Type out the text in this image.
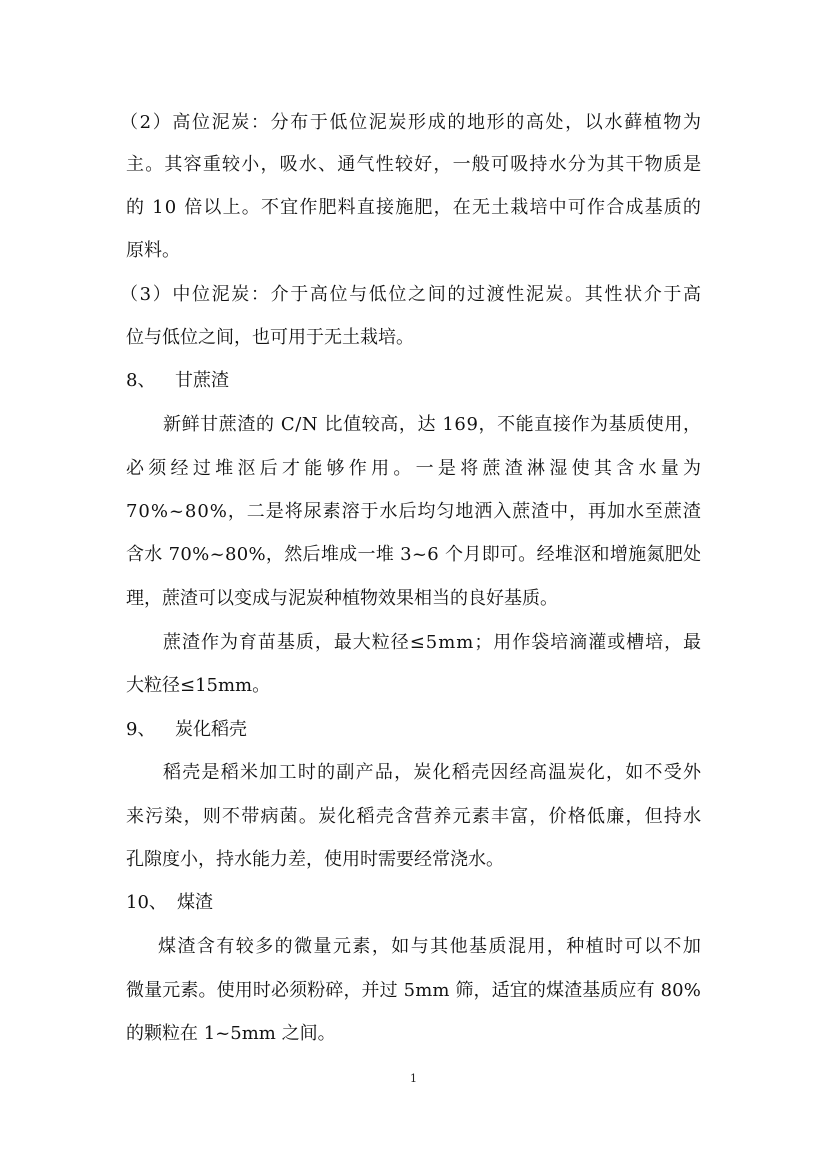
（2）高位泥炭：分布于低位泥炭形成的地形的高处，以水藓植物为
主。其容重较小，吸水、通气性较好，一般可吸持水分为其干物质是
的 10 倍以上。不宜作肥料直接施肥，在无土栽培中可作合成基质的
原料。
（3）中位泥炭：介于高位与低位之间的过渡性泥炭。其性状介于高
位与低位之间，也可用于无土栽培。
8、 甘蔗渣
新鲜甘蔗渣的 C/N 比值较高，达 169，不能直接作为基质使用，
必须经过堆沤后才能够作用。一是将蔗渣淋湿使其含水量为
70%~80%，二是将尿素溶于水后均匀地洒入蔗渣中，再加水至蔗渣
含水 70%~80%，然后堆成一堆 3~6 个月即可。经堆沤和增施氮肥处
理，蔗渣可以变成与泥炭种植物效果相当的良好基质。
蔗渣作为育苗基质，最大粒径≤5mm；用作袋培滴灌或槽培，最
大粒径≤15mm。
9、 炭化稻壳
稻壳是稻米加工时的副产品，炭化稻壳因经高温炭化，如不受外
来污染，则不带病菌。炭化稻壳含营养元素丰富，价格低廉，但持水
孔隙度小，持水能力差，使用时需要经常浇水。
10、 煤渣
煤渣含有较多的微量元素，如与其他基质混用，种植时可以不加
微量元素。使用时必须粉碎，并过 5mm 筛，适宜的煤渣基质应有 80%
的颗粒在 1~5mm 之间。
1
